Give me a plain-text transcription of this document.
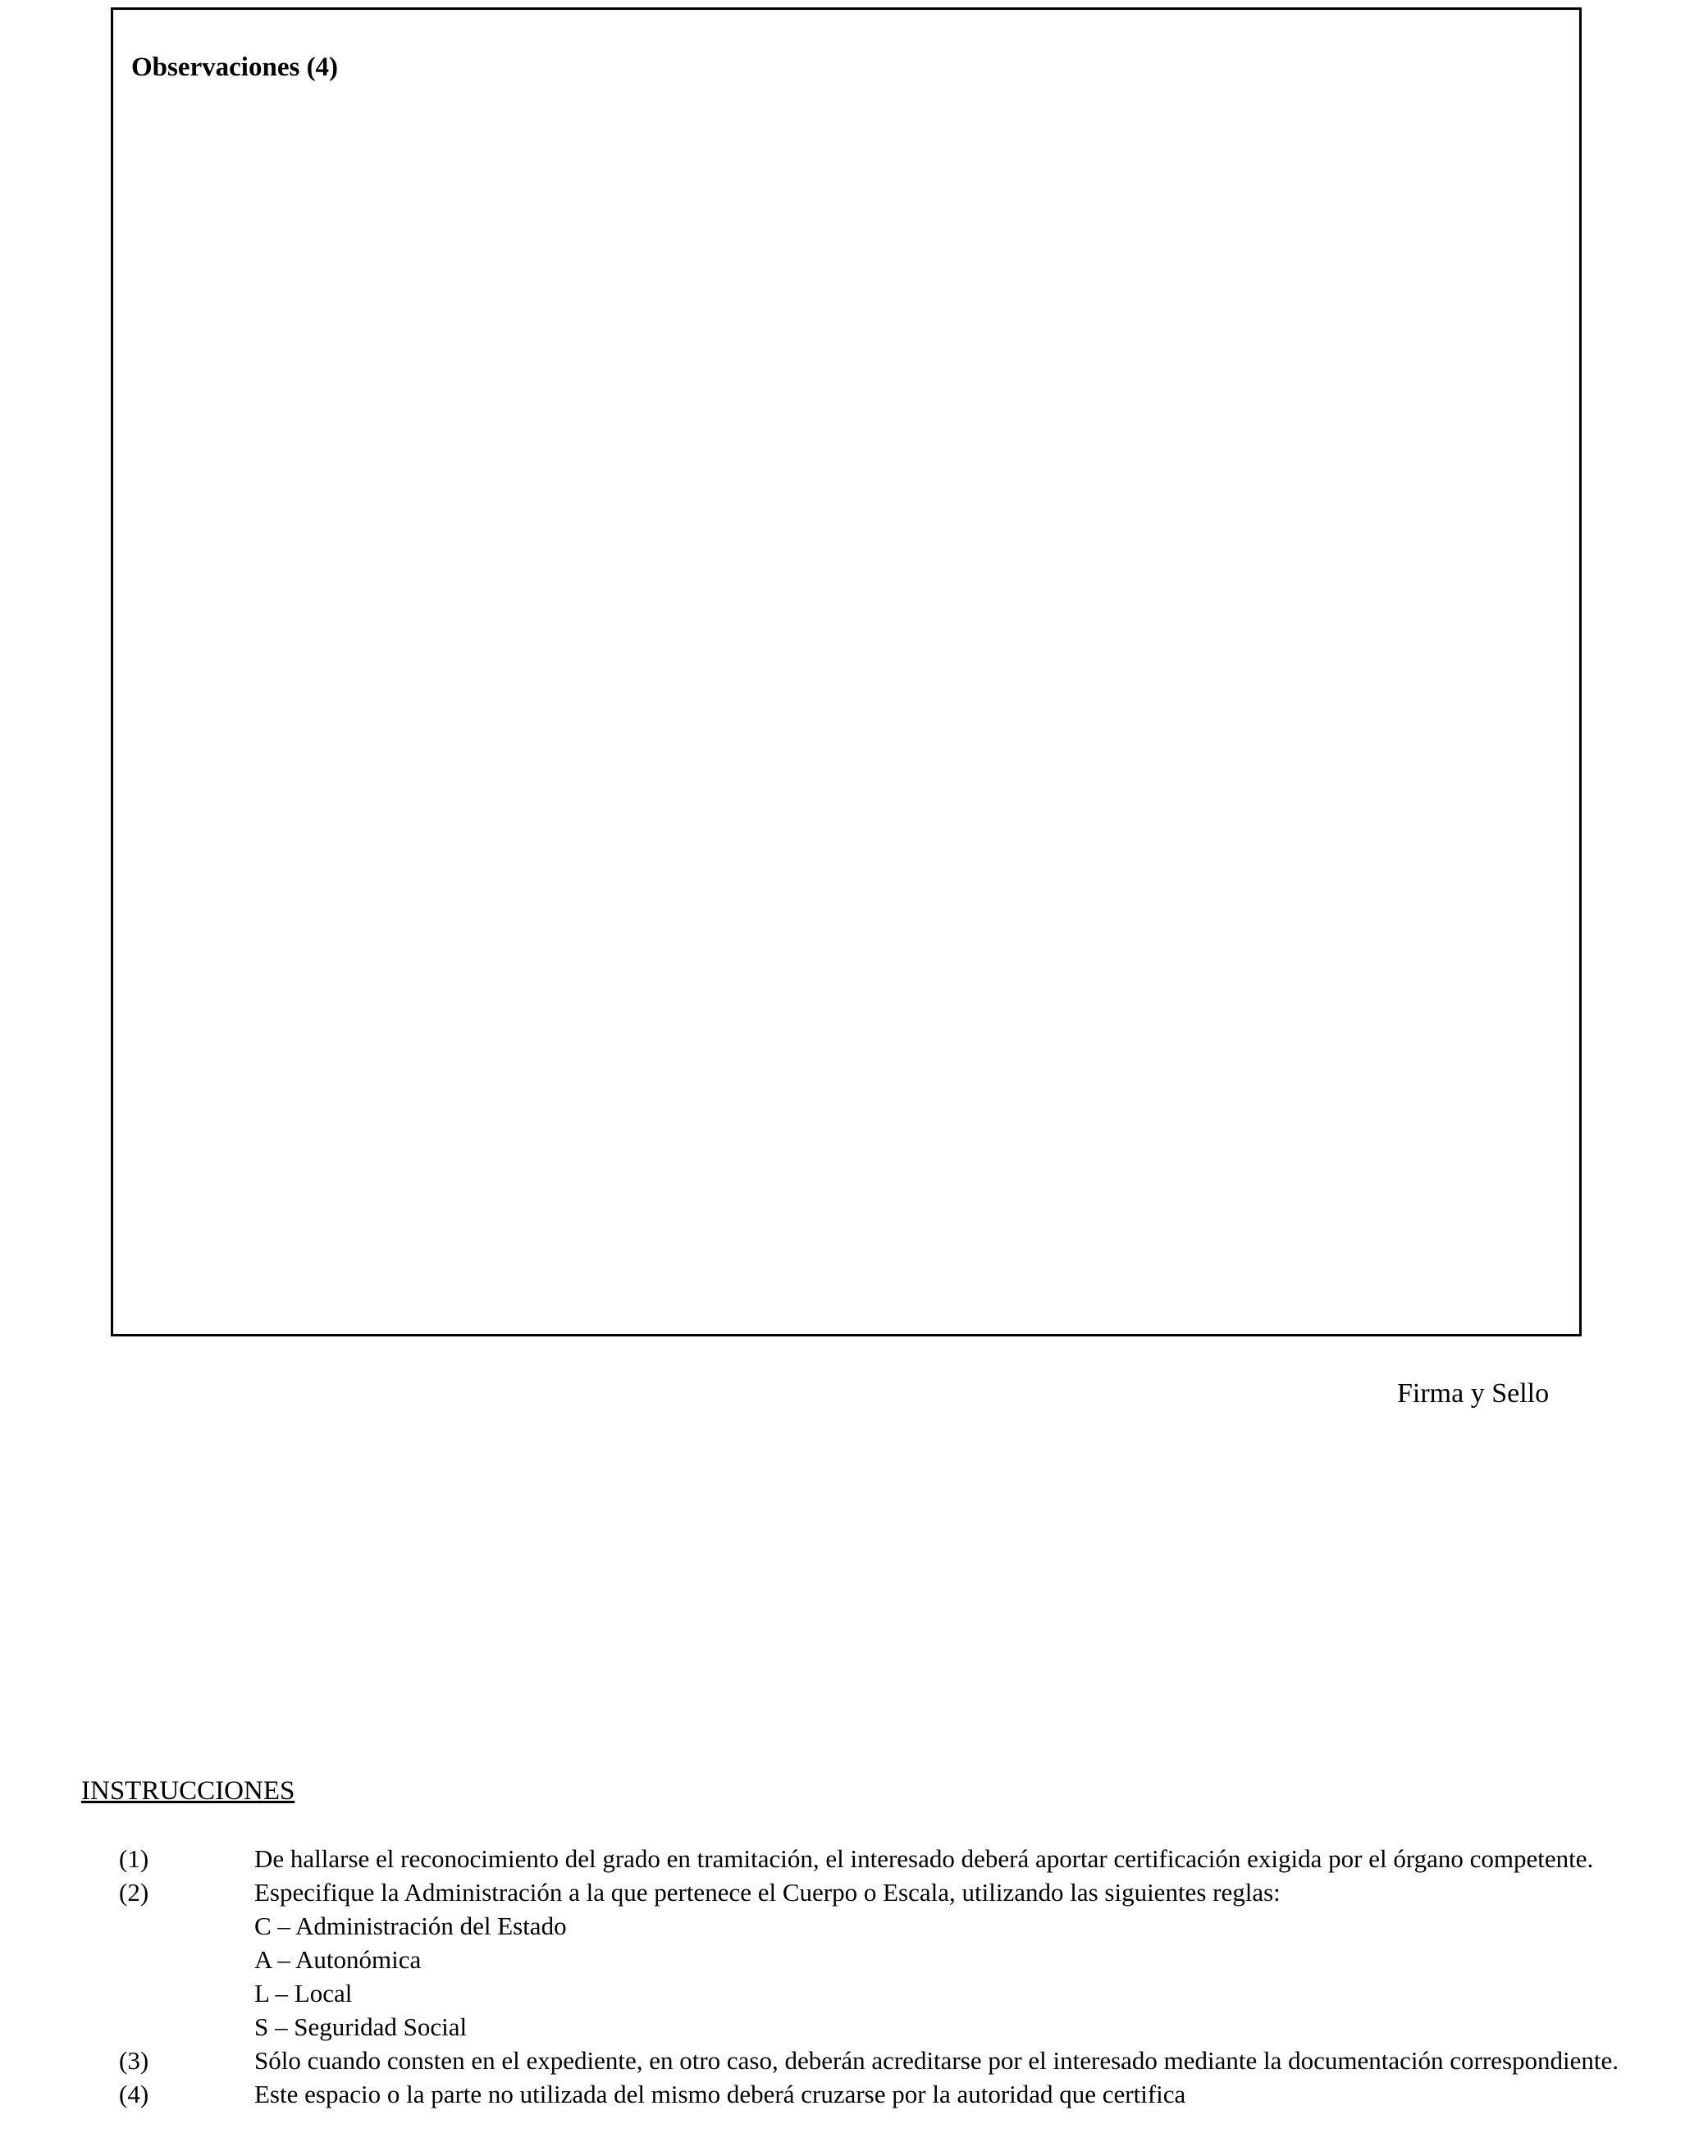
Observaciones (4)
Firma y Sello
INSTRUCCIONES
(1)	De hallarse el reconocimiento del grado en tramitación, el interesado deberá aportar certificación exigida por el órgano competente.
(2)	Especifique la Administración a la que pertenece el Cuerpo o Escala, utilizando las siguientes reglas:
C – Administración del Estado
A – Autonómica
L – Local
S – Seguridad Social
(3)	Sólo cuando consten en el expediente, en otro caso, deberán acreditarse por el interesado mediante la documentación correspondiente.
(4)	Este espacio o la parte no utilizada del mismo deberá cruzarse por la autoridad que certifica
